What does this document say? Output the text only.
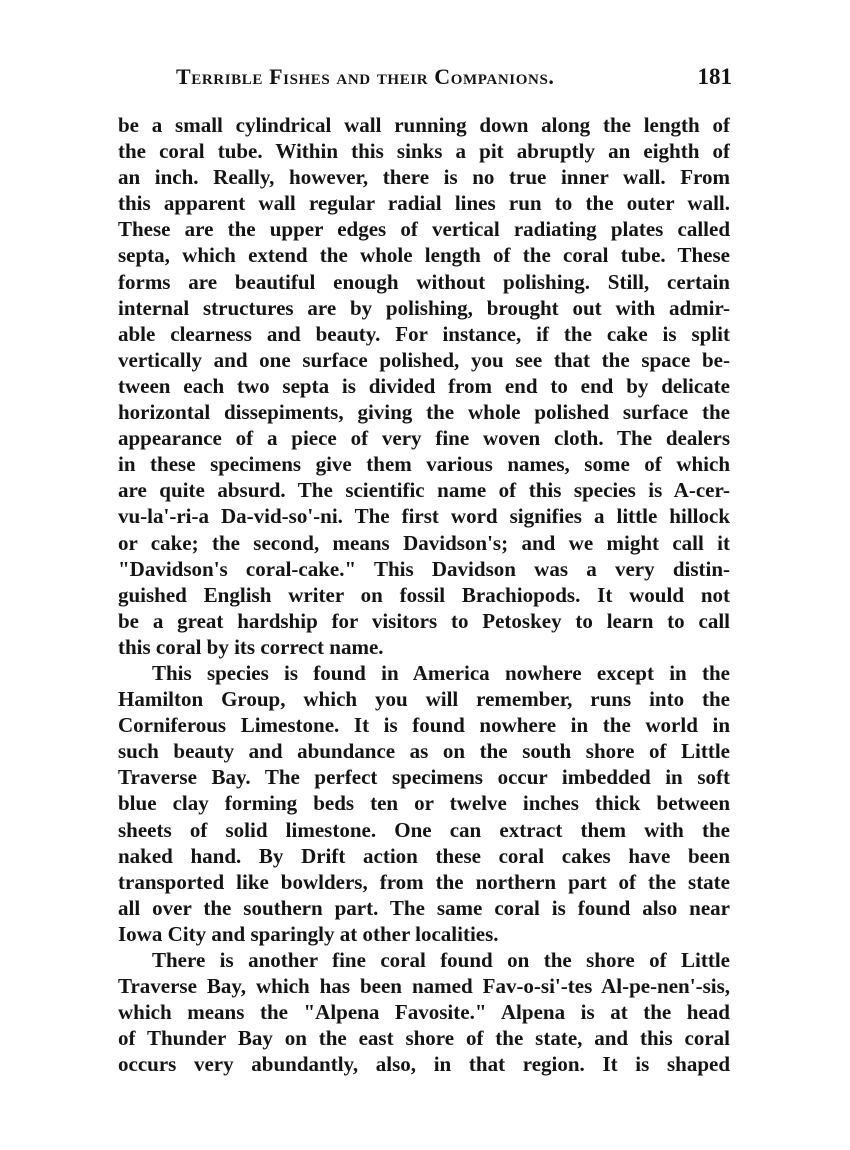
Terrible Fishes and their Companions.	181
be a small cylindrical wall running down along the length of
the coral tube. Within this sinks a pit abruptly an eighth of
an inch. Really, however, there is no true inner wall. From
this apparent wall regular radial lines run to the outer wall.
These are the upper edges of vertical radiating plates called
septa, which extend the whole length of the coral tube. These
forms are beautiful enough without polishing. Still, certain
internal structures are by polishing, brought out with admir-
able clearness and beauty. For instance, if the cake is split
vertically and one surface polished, you see that the space be-
tween each two septa is divided from end to end by delicate
horizontal dissepiments, giving the whole polished surface the
appearance of a piece of very fine woven cloth. The dealers
in these specimens give them various names, some of which
are quite absurd. The scientific name of this species is A-cer-
vu-la'-ri-a Da-vid-so'-ni. The first word signifies a little hillock
or cake; the second, means Davidson's; and we might call it
"Davidson's coral-cake." This Davidson was a very distin-
guished English writer on fossil Brachiopods. It would not
be a great hardship for visitors to Petoskey to learn to call
this coral by its correct name.
This species is found in America nowhere except in the
Hamilton Group, which you will remember, runs into the
Corniferous Limestone. It is found nowhere in the world in
such beauty and abundance as on the south shore of Little
Traverse Bay. The perfect specimens occur imbedded in soft
blue clay forming beds ten or twelve inches thick between
sheets of solid limestone. One can extract them with the
naked hand. By Drift action these coral cakes have been
transported like bowlders, from the northern part of the state
all over the southern part. The same coral is found also near
Iowa City and sparingly at other localities.
There is another fine coral found on the shore of Little
Traverse Bay, which has been named Fav-o-si'-tes Al-pe-nen'-sis,
which means the "Alpena Favosite." Alpena is at the head
of Thunder Bay on the east shore of the state, and this coral
occurs very abundantly, also, in that region. It is shaped
